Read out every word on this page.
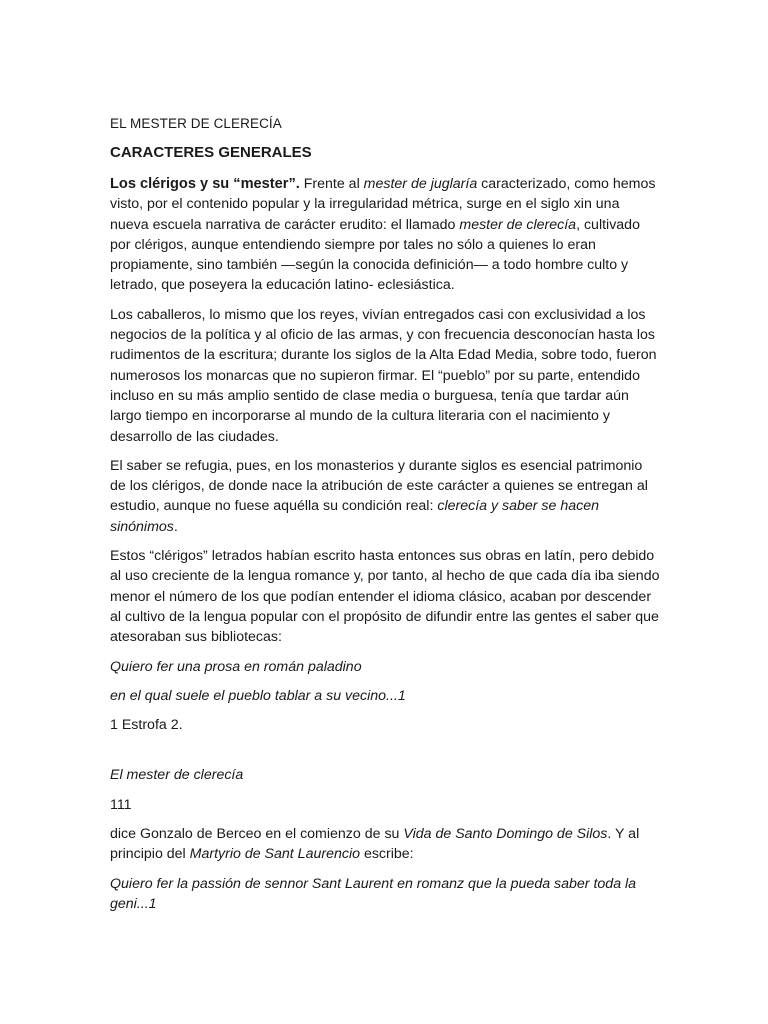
EL MESTER DE CLERECÍA
CARACTERES GENERALES

Los clérigos y su “mester”. Frente al mester de juglaría caracterizado, como hemos visto, por el contenido popular y la irregularidad métrica, surge en el siglo xin una nueva escuela narrativa de carácter erudito: el llamado mester de clerecía, cultivado por clérigos, aunque entendiendo siempre por tales no sólo a quienes lo eran propiamente, sino también —según la conocida definición— a todo hombre culto y letrado, que poseyera la educación latino- eclesiástica.

Los caballeros, lo mismo que los reyes, vivían entregados casi con exclusividad a los negocios de la política y al oficio de las armas, y con frecuencia desconocían hasta los rudimentos de la escritura; durante los siglos de la Alta Edad Media, sobre todo, fueron numerosos los monarcas que no supieron firmar. El “pueblo” por su parte, entendido incluso en su más amplio sentido de clase media o burguesa, tenía que tardar aún largo tiempo en incorporarse al mundo de la cultura literaria con el nacimiento y desarrollo de las ciudades.

El saber se refugia, pues, en los monasterios y durante siglos es esencial patrimonio de los clérigos, de donde nace la atribución de este carácter a quienes se entregan al estudio, aunque no fuese aquélla su condición real: clerecía y saber se hacen sinónimos.

Estos “clérigos” letrados habían escrito hasta entonces sus obras en latín, pero debido al uso creciente de la lengua romance y, por tanto, al hecho de que cada día iba siendo menor el número de los que podían entender el idioma clásico, acaban por descender al cultivo de la lengua popular con el propósito de difundir entre las gentes el saber que atesoraban sus bibliotecas:

Quiero fer una prosa en román paladino

en el qual suele el pueblo tablar a su vecino...1

1 Estrofa 2.

El mester de clerecía

111

dice Gonzalo de Berceo en el comienzo de su Vida de Santo Domingo de Silos. Y al principio del Martyrio de Sant Laurencio escribe:

Quiero fer la passión de sennor Sant Laurent en romanz que la pueda saber toda la geni...1
